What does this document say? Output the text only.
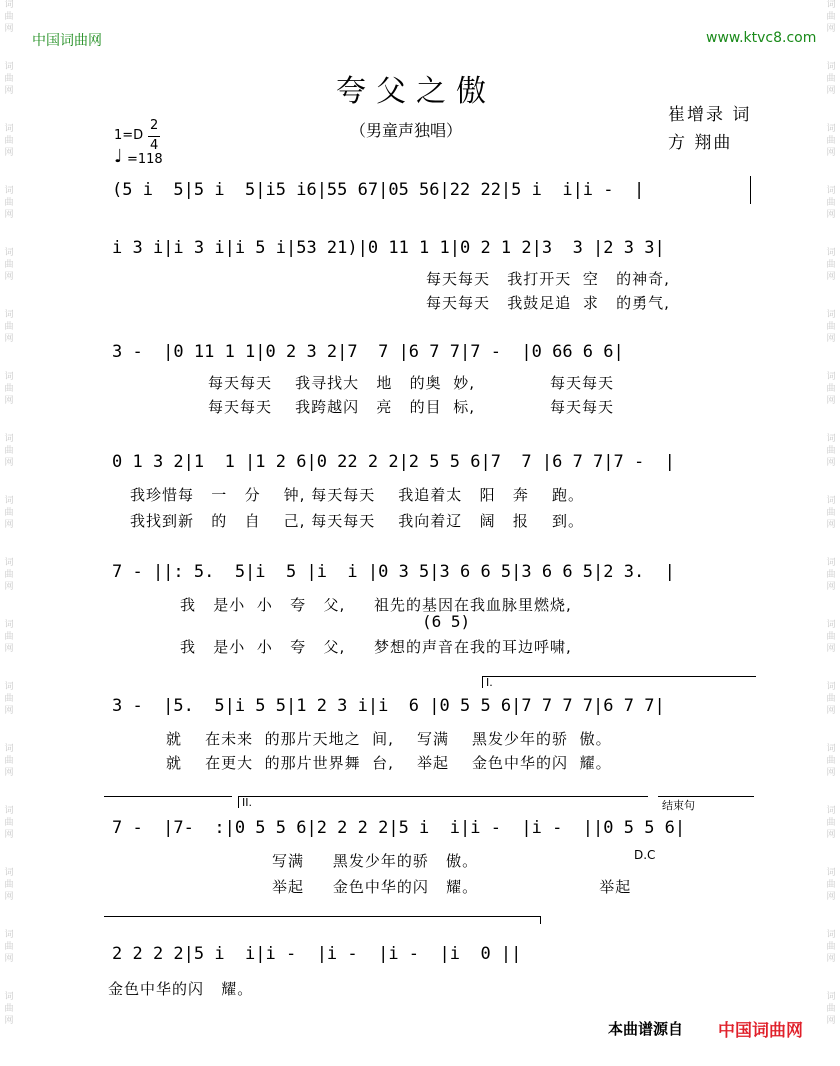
词
曲
网
词
曲
网
词
曲
网
词
曲
网
词
曲
网
词
曲
网
词
曲
网
词
曲
网
词
曲
网
词
曲
网
词
曲
网
词
曲
网
词
曲
网
词
曲
网
词
曲
网
词
曲
网
词
曲
网
词
曲
网
词
曲
网
词
曲
网
词
曲
网
词
曲
网
词
曲
网
词
曲
网
词
曲
网
词
曲
网
词
曲
网
词
曲
网
词
曲
网
词
曲
网
词
曲
网
词
曲
网
词
曲
网
词
曲
网
中国词曲网	www.ktvc8.com
夸父之傲
（男童声独唱）
崔增录 词
方 翔曲
1=D
2
4
♩ =118
(5 i  5|5 i  5|i5 i6|55 67|05 56|22 22|5 i  i|i -  |
i 3 i|i 3 i|i 5 i|53 21)|0 11 1 1|0 2 1 2|3  3 |2 3 3|
每天每天   我打开天  空   的神奇,
每天每天   我鼓足追  求   的勇气,
3 -  |0 11 1 1|0 2 3 2|7  7 |6 7 7|7 -  |0 66 6 6|
每天每天    我寻找大   地   的奥  妙,             每天每天
每天每天    我跨越闪   亮   的目  标,             每天每天
0 1 3 2|1  1 |1 2 6|0 22 2 2|2 5 5 6|7  7 |6 7 7|7 -  |
我珍惜每   一   分    钟, 每天每天    我追着太   阳   奔    跑。
我找到新   的   自    己, 每天每天    我向着辽   阔   报    到。
7 - ||: 5.  5|i  5 |i  i |0 3 5|3 6 6 5|3 6 6 5|2 3.  |
我   是小  小   夸   父,     祖先的基因在我血脉里燃烧,
(6 5)
我   是小  小   夸   父,     梦想的声音在我的耳边呼啸,
I.
3 -  |5.  5|i 5 5|1 2 3 i|i  6 |0 5 5 6|7 7 7 7|6 7 7|
就    在未来  的那片天地之  间,    写满    黑发少年的骄  傲。
就    在更大  的那片世界舞  台,    举起    金色中华的闪  耀。
II.	结束句
7 -  |7-  :|0 5 5 6|2 2 2 2|5 i  i|i -  |i -  ||0 5 5 6|
写满     黑发少年的骄   傲。	D.C
举起     金色中华的闪   耀。                     举起
2 2 2 2|5 i  i|i -  |i -  |i -  |i  0 ||
金色中华的闪   耀。
本曲谱源自 中国词曲网
